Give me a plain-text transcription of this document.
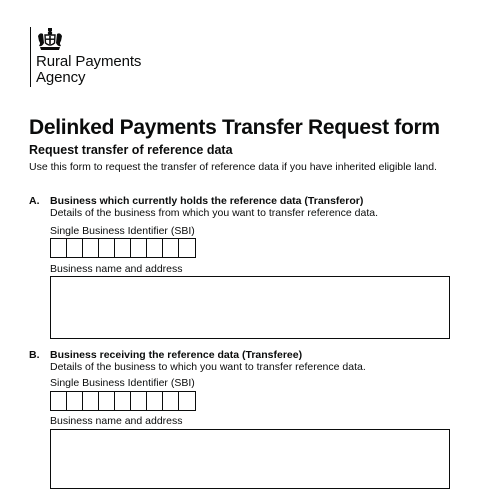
Rural Payments
Agency
Delinked Payments Transfer Request form
Request transfer of reference data

Use this form to request the transfer of reference data if you have inherited eligible land.

A. Business which currently holds the reference data (Transferor)
Details of the business from which you want to transfer reference data.
Single Business Identifier (SBI)
Business name and address
B. Business receiving the reference data (Transferee)
Details of the business to which you want to transfer reference data.
Single Business Identifier (SBI)
Business name and address
